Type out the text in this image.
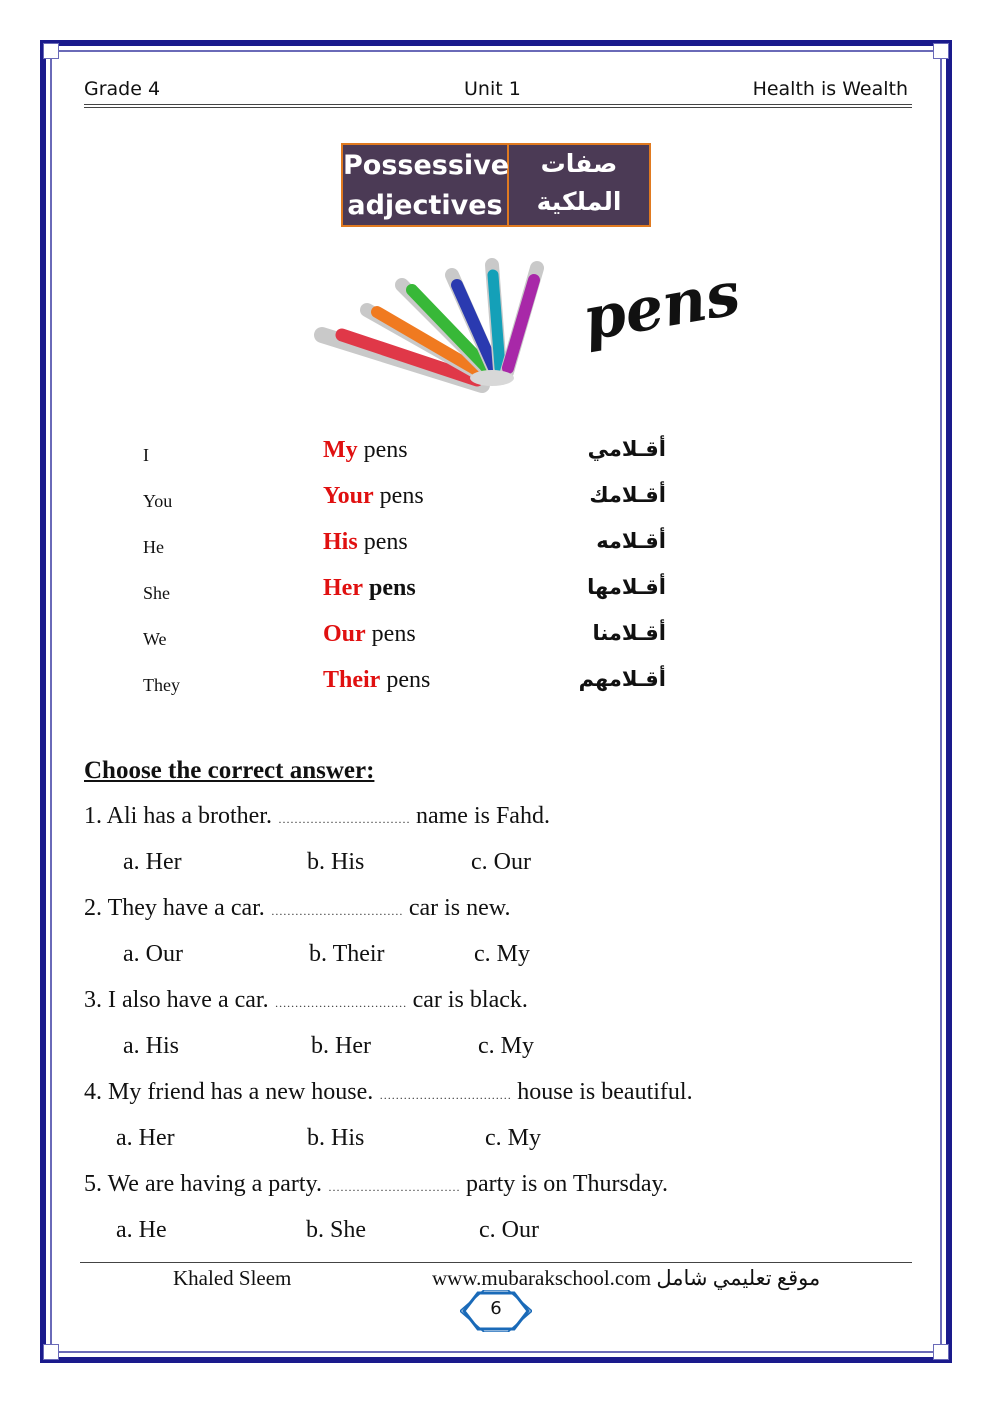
Grade 4	Unit 1	Health is Wealth
Possessive adjectives
صفات الملكية
pens
I	My pens	أقـلامي
You	Your pens	أقـلامك
He	His pens	أقـلامه
She	Her pens	أقـلامها
We	Our pens	أقـلامنا
They	Their pens	أقـلامهم
Choose the correct answer:
1. Ali has a brother. …………………………… name is Fahd.
a. Her	b. His	c. Our
2. They have a car. …………………………… car is new.
a. Our	b. Their	c. My
3. I also have a car. …………………………… car is black.
a. His	b. Her	c. My
4. My friend has a new house. …………………………… house is beautiful.
a. Her	b. His	c. My
5. We are having a party. …………………………… party is on Thursday.
a. He	b. She	c. Our
Khaled Sleem	www.mubarakschool.com موقع تعليمي شامل
6
